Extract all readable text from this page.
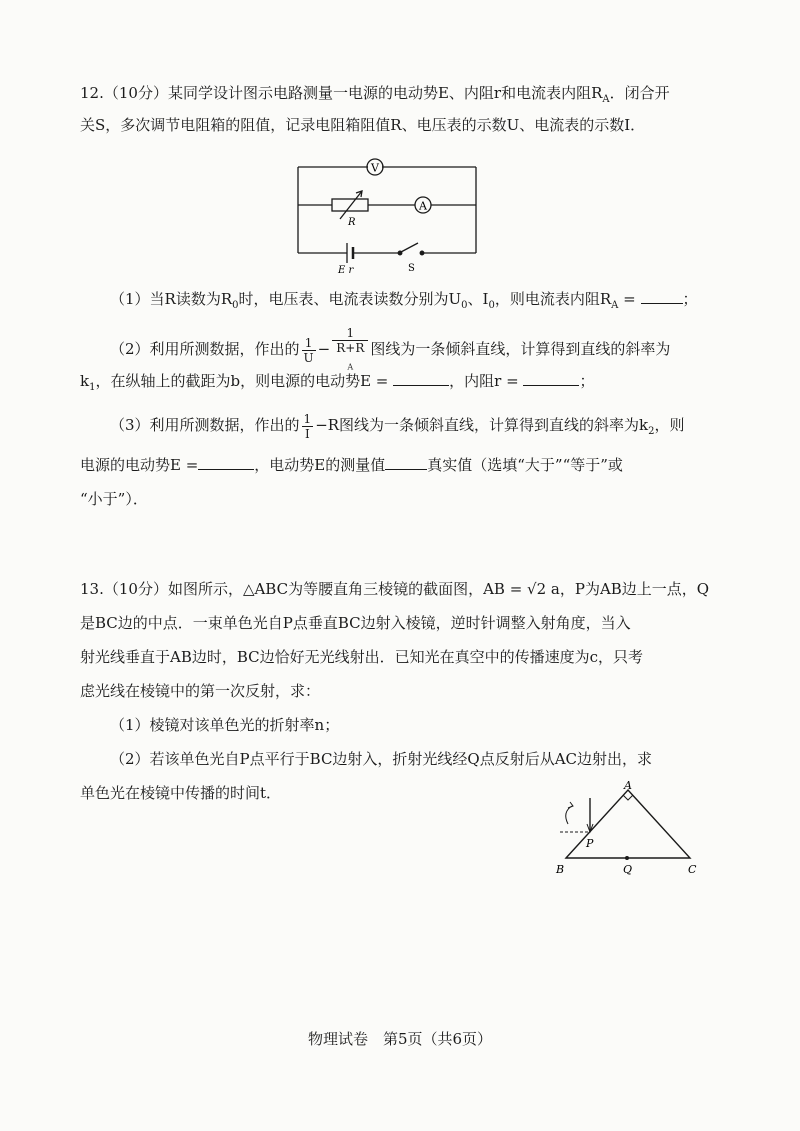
12.（10分）某同学设计图示电路测量一电源的电动势E、内阻r和电流表内阻$R_A$．闭合开
关S，多次调节电阻箱的阻值，记录电阻箱阻值R、电压表的示数U、电流表的示数I．
V
A
R
E r	S
（1）当R读数为$R_0$时，电压表、电流表读数分别为$U_0$、$I_0$，则电流表内阻$R_A$ =	；
（2）利用所测数据，作出的 $\frac{1}{U} - 1$
R+R
$_A$ 图线为一条倾斜直线，计算得到直线的斜率为
$k_1$，在纵轴上的截距为b，则电源的电动势E =	，内阻r =	；
（3）利用所测数据，作出的 $\frac{1}{I} -R$图线为一条倾斜直线，计算得到直线的斜率为$k_2$，则
电源的电动势E =	，电动势E的测量值	真实值（选填“大于”“等于”或
“小于”）．
13.（10分）如图所示，△ABC为等腰直角三棱镜的截面图，AB = √2 a，P为AB边上一点，Q
是BC边的中点．一束单色光自P点垂直BC边射入棱镜，逆时针调整入射角度，当入
射光线垂直于AB边时，BC边恰好无光线射出．已知光在真空中的传播速度为c，只考
虑光线在棱镜中的第一次反射，求：
（1）棱镜对该单色光的折射率n；
（2）若该单色光自P点平行于BC边射入，折射光线经Q点反射后从AC边射出，求
单色光在棱镜中传播的时间t．	A
B	C
P
Q
物理试卷　第5页（共6页）
